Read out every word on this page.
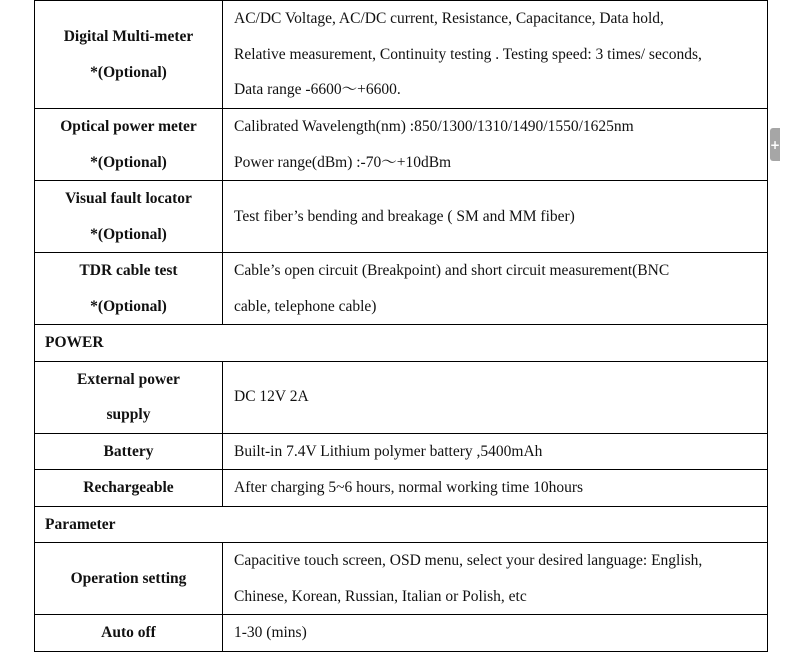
Digital Multi-meter
*(Optional)	AC/DC Voltage, AC/DC current, Resistance, Capacitance, Data hold,
Relative measurement, Continuity testing . Testing speed: 3 times/ seconds,
Data range -6600～+6600.

Optical power meter
*(Optional)	Calibrated Wavelength(nm) :850/1300/1310/1490/1550/1625nm
Power range(dBm) :-70～+10dBm

Visual fault locator
*(Optional)	Test fiber’s bending and breakage ( SM and MM fiber)

TDR cable test
*(Optional)	Cable’s open circuit (Breakpoint) and short circuit measurement(BNC
cable, telephone cable)

POWER	

External power
supply	DC 12V 2A

Battery	Built-in 7.4V Lithium polymer battery ,5400mAh

Rechargeable	After charging 5~6 hours, normal working time 10hours

Parameter	

Operation setting	Capacitive touch screen, OSD menu, select your desired language: English,
Chinese, Korean, Russian, Italian or Polish, etc

Auto off	1-30 (mins)
+
